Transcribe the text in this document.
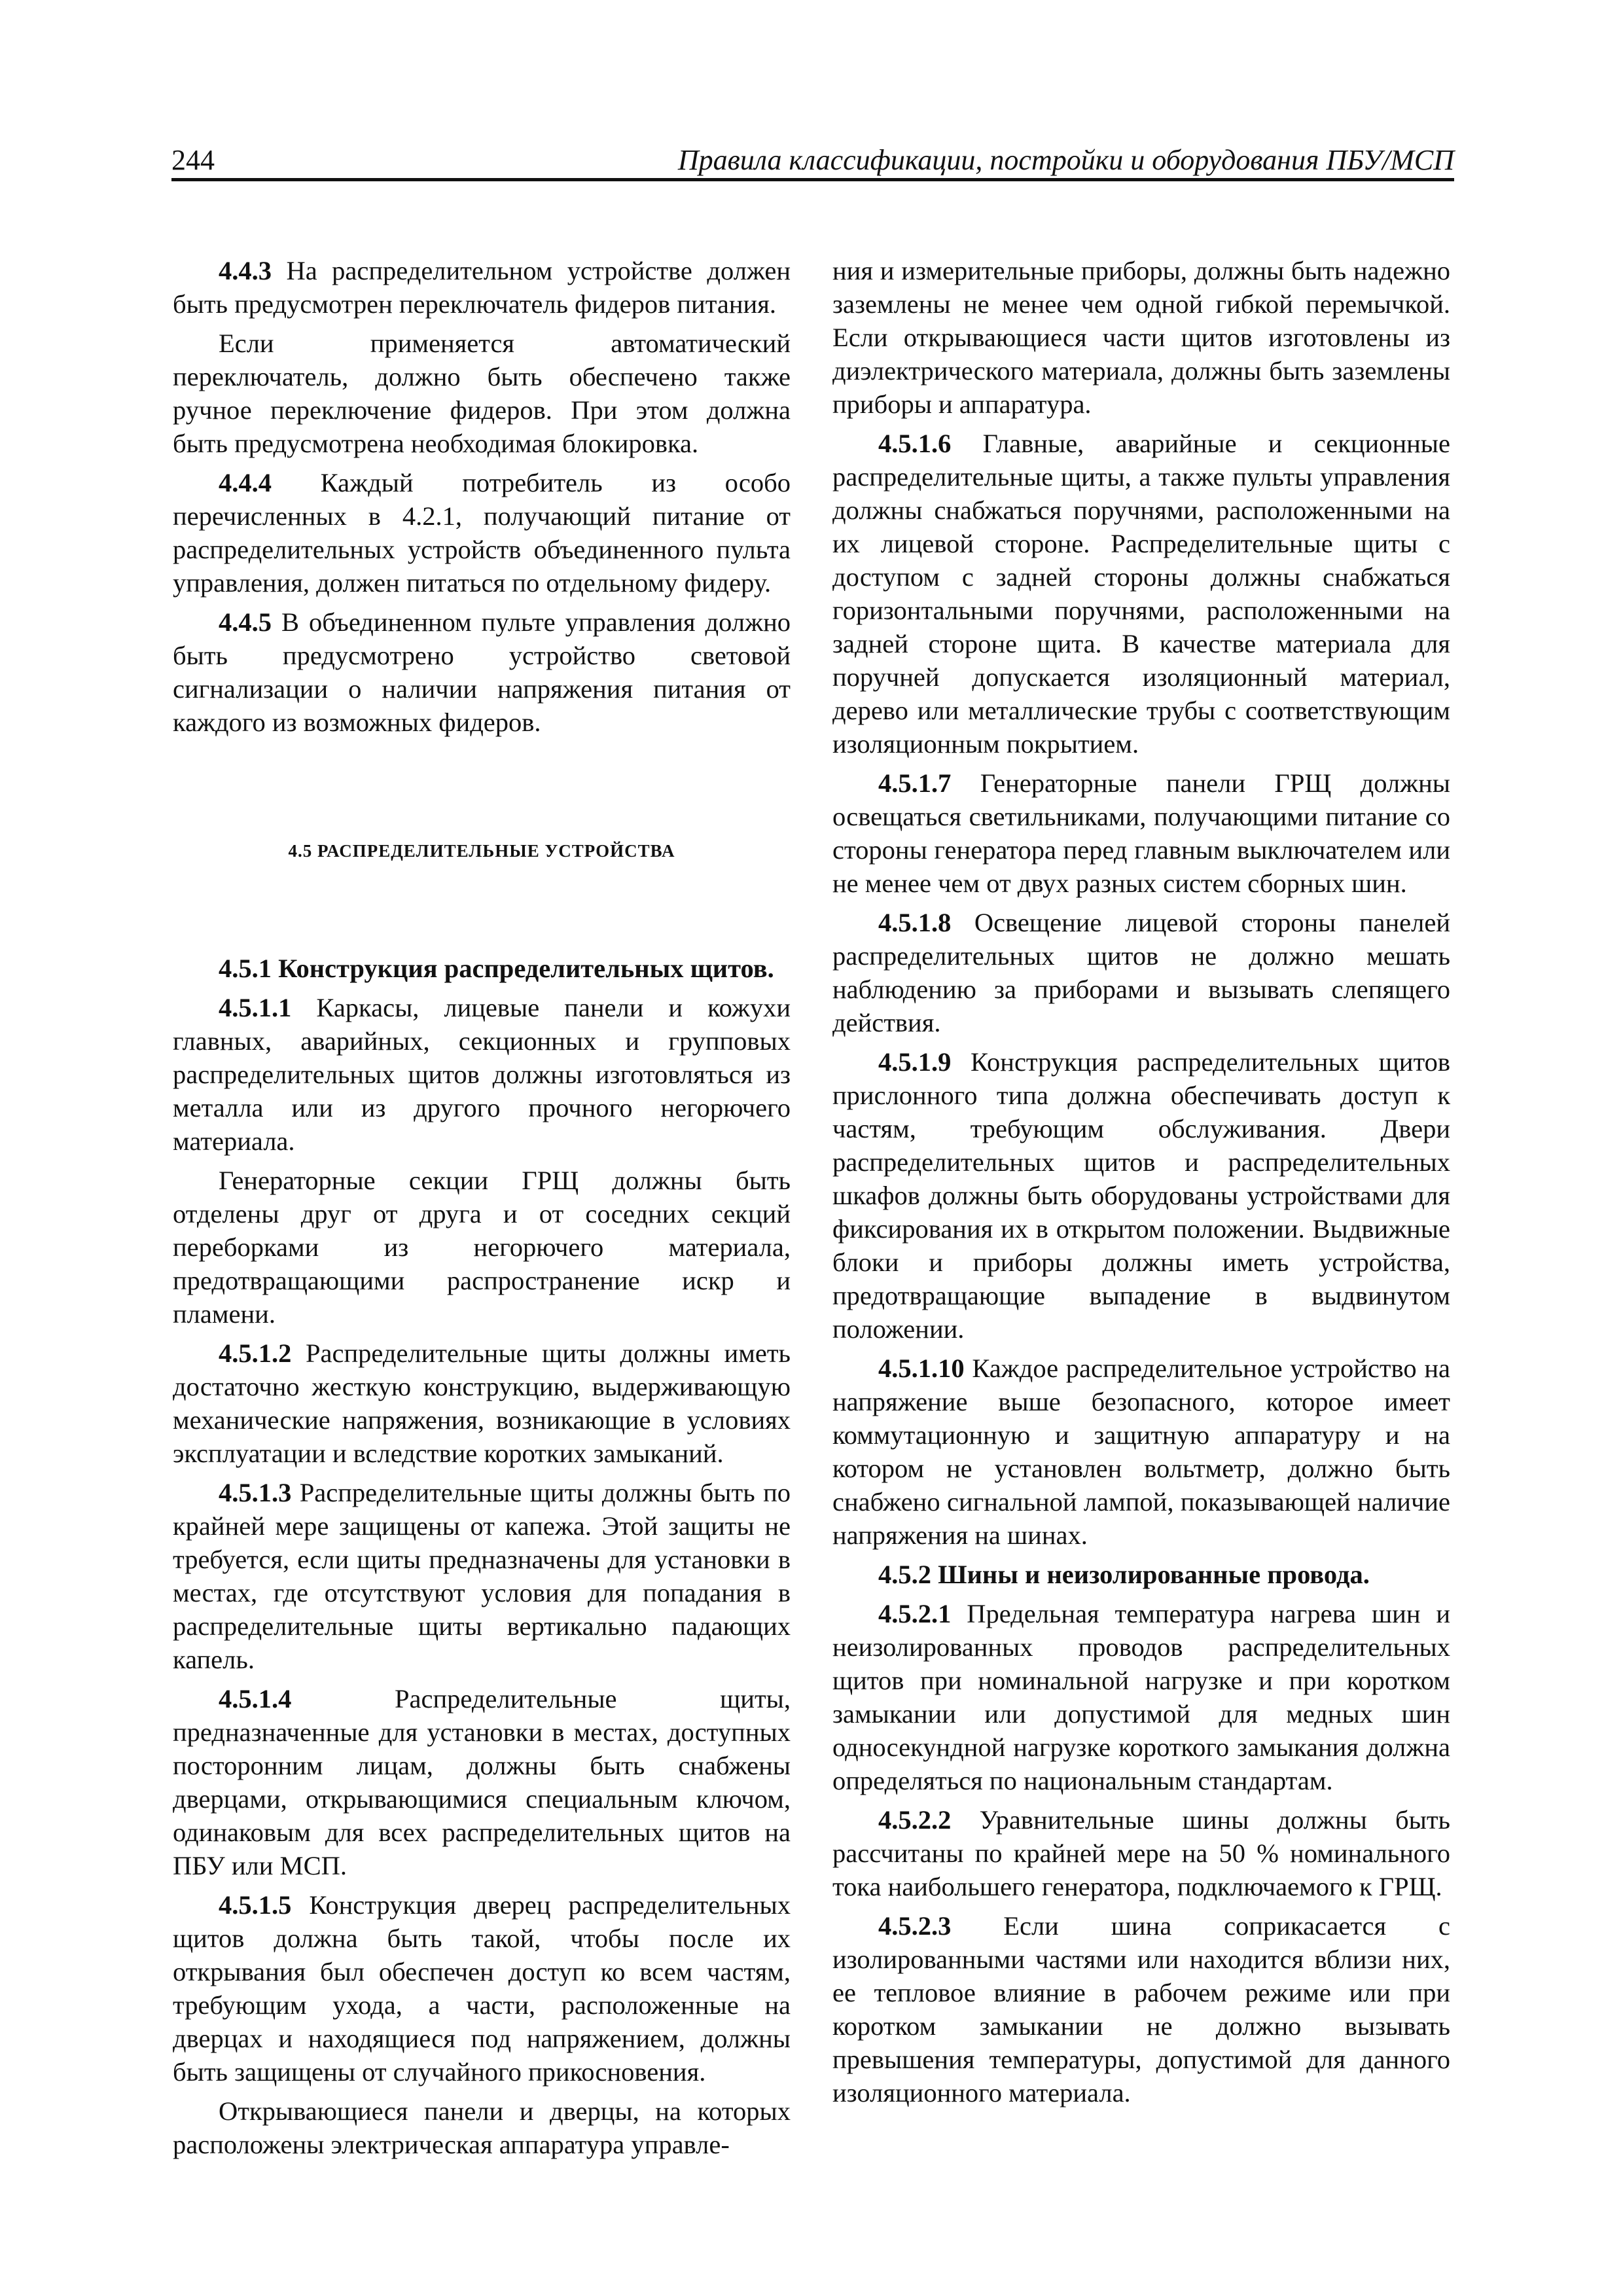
244	Правила классификации, постройки и оборудования ПБУ/МСП

4.4.3 На распределительном устройстве должен быть предусмотрен переключатель фидеров питания.

Если применяется автоматический переключатель, должно быть обеспечено также ручное переключение фидеров. При этом должна быть предусмотрена необходимая блокировка.

4.4.4 Каждый потребитель из особо перечисленных в 4.2.1, получающий питание от распределительных устройств объединенного пульта управления, должен питаться по отдельному фидеру.

4.4.5 В объединенном пульте управления должно быть предусмотрено устройство световой сигнализации о наличии напряжения питания от каждого из возможных фидеров.

4.5 РАСПРЕДЕЛИТЕЛЬНЫЕ УСТРОЙСТВА

4.5.1 Конструкция распределительных щитов.

4.5.1.1 Каркасы, лицевые панели и кожухи главных, аварийных, секционных и групповых распределительных щитов должны изготовляться из металла или из другого прочного негорючего материала.

Генераторные секции ГРЩ должны быть отделены друг от друга и от соседних секций переборками из негорючего материала, предотвращающими распространение искр и пламени.

4.5.1.2 Распределительные щиты должны иметь достаточно жесткую конструкцию, выдерживающую механические напряжения, возникающие в условиях эксплуатации и вследствие коротких замыканий.

4.5.1.3 Распределительные щиты должны быть по крайней мере защищены от капежа. Этой защиты не требуется, если щиты предназначены для установки в местах, где отсутствуют условия для попадания в распределительные щиты вертикально падающих капель.

4.5.1.4 Распределительные щиты, предназначенные для установки в местах, доступных посторонним лицам, должны быть снабжены дверцами, открывающимися специальным ключом, одинаковым для всех распределительных щитов на ПБУ или МСП.

4.5.1.5 Конструкция дверец распределительных щитов должна быть такой, чтобы после их открывания был обеспечен доступ ко всем частям, требующим ухода, а части, расположенные на дверцах и находящиеся под напряжением, должны быть защищены от случайного прикосновения.

Открывающиеся панели и дверцы, на которых расположены электрическая аппаратура управле-

ния и измерительные приборы, должны быть надежно заземлены не менее чем одной гибкой перемычкой. Если открывающиеся части щитов изготовлены из диэлектрического материала, должны быть заземлены приборы и аппаратура.

4.5.1.6 Главные, аварийные и секционные распределительные щиты, а также пульты управления должны снабжаться поручнями, расположенными на их лицевой стороне. Распределительные щиты с доступом с задней стороны должны снабжаться горизонтальными поручнями, расположенными на задней стороне щита. В качестве материала для поручней допускается изоляционный материал, дерево или металлические трубы с соответствующим изоляционным покрытием.

4.5.1.7 Генераторные панели ГРЩ должны освещаться светильниками, получающими питание со стороны генератора перед главным выключателем или не менее чем от двух разных систем сборных шин.

4.5.1.8 Освещение лицевой стороны панелей распределительных щитов не должно мешать наблюдению за приборами и вызывать слепящего действия.

4.5.1.9 Конструкция распределительных щитов прислонного типа должна обеспечивать доступ к частям, требующим обслуживания. Двери распределительных щитов и распределительных шкафов должны быть оборудованы устройствами для фиксирования их в открытом положении. Выдвижные блоки и приборы должны иметь устройства, предотвращающие выпадение в выдвинутом положении.

4.5.1.10 Каждое распределительное устройство на напряжение выше безопасного, которое имеет коммутационную и защитную аппаратуру и на котором не установлен вольтметр, должно быть снабжено сигнальной лампой, показывающей наличие напряжения на шинах.

4.5.2 Шины и неизолированные провода.

4.5.2.1 Предельная температура нагрева шин и неизолированных проводов распределительных щитов при номинальной нагрузке и при коротком замыкании или допустимой для медных шин односекундной нагрузке короткого замыкания должна определяться по национальным стандартам.

4.5.2.2 Уравнительные шины должны быть рассчитаны по крайней мере на 50 % номинального тока наибольшего генератора, подключаемого к ГРЩ.

4.5.2.3 Если шина соприкасается с изолированными частями или находится вблизи них, ее тепловое влияние в рабочем режиме или при коротком замыкании не должно вызывать превышения температуры, допустимой для данного изоляционного материала.
